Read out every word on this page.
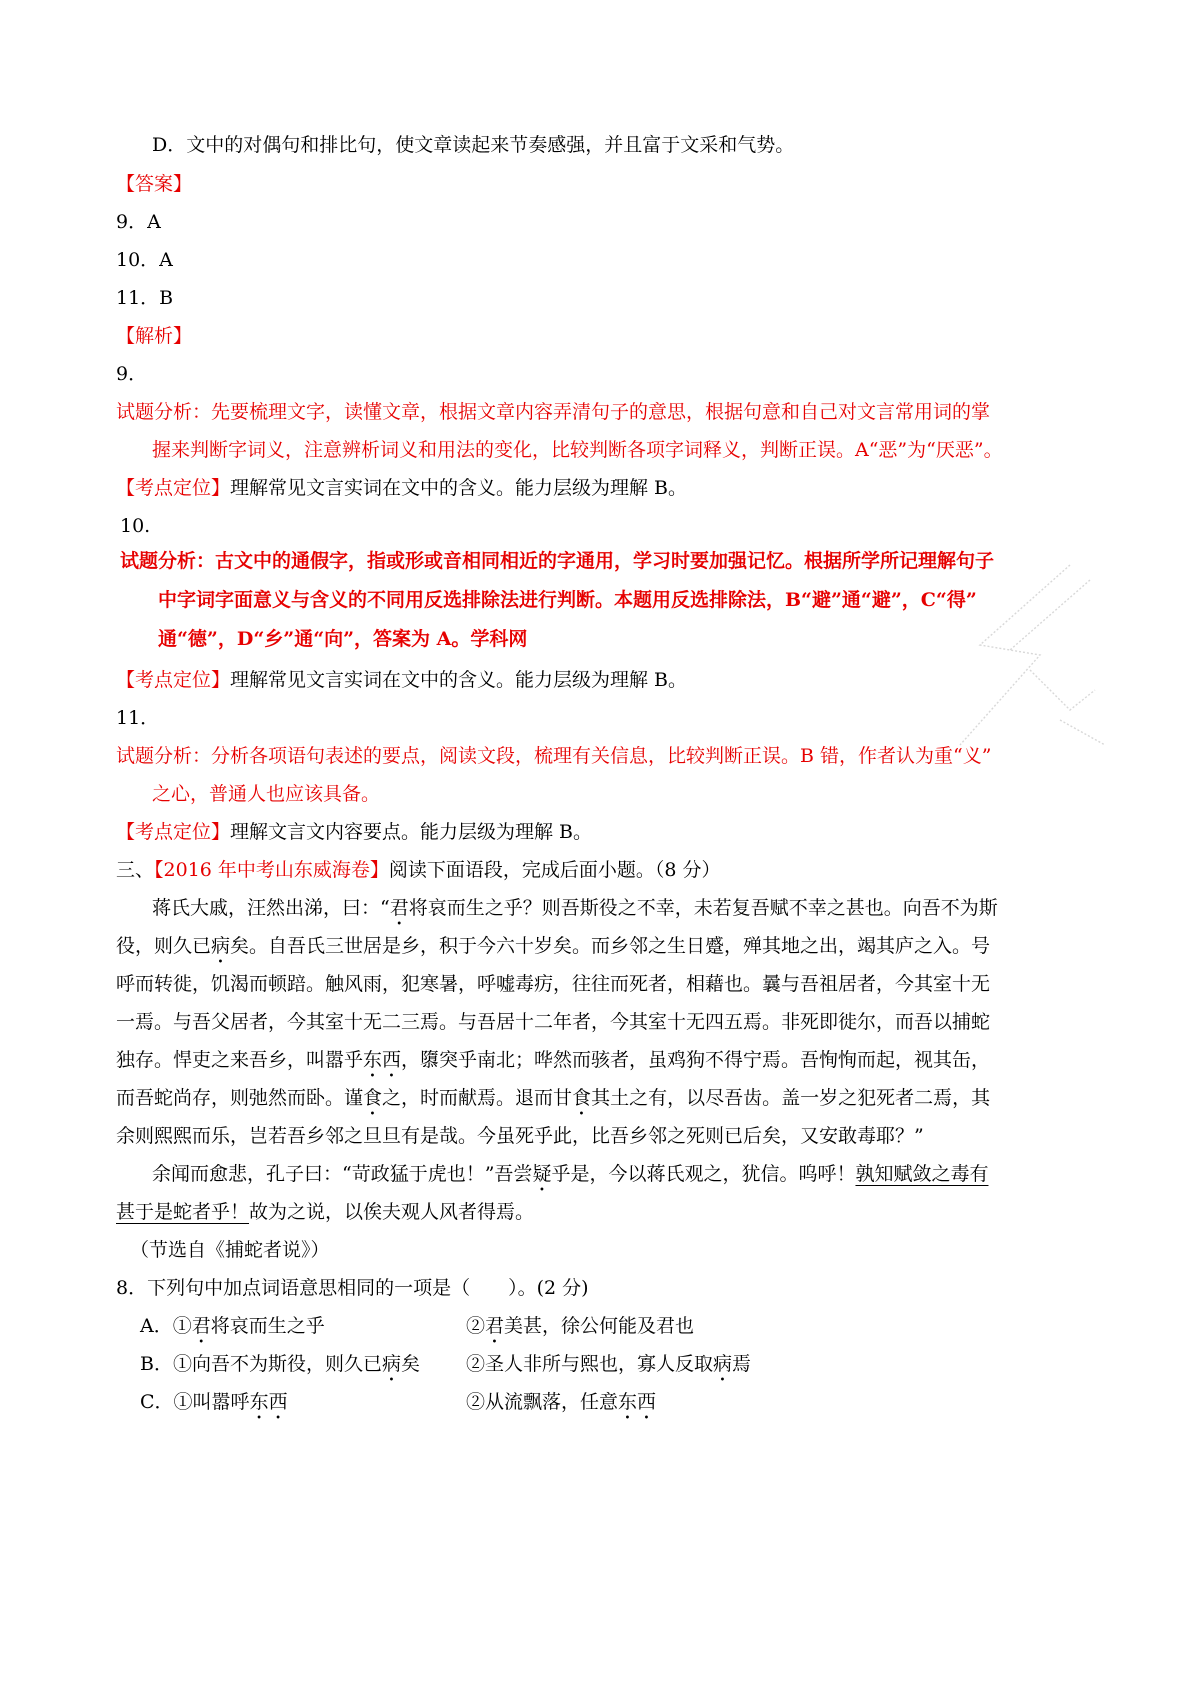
D．文中的对偶句和排比句，使文章读起来节奏感强，并且富于文采和气势。
【答案】
9．A
10．A
11．B
【解析】
9．
试题分析：先要梳理文字，读懂文章，根据文章内容弄清句子的意思，根据句意和自己对文言常用词的掌
握来判断字词义，注意辨析词义和用法的变化，比较判断各项字词释义，判断正误。A“恶”为“厌恶”。
【考点定位】理解常见文言实词在文中的含义。能力层级为理解 B。
10.
试题分析：古文中的通假字，指或形或音相同相近的字通用，学习时要加强记忆。根据所学所记理解句子
中字词字面意义与含义的不同用反选排除法进行判断。本题用反选排除法，B“避”通“避”，C“得”
通“德”，D“乡”通“向”，答案为 A。学科网
【考点定位】理解常见文言实词在文中的含义。能力层级为理解 B。
11．
试题分析：分析各项语句表述的要点，阅读文段，梳理有关信息，比较判断正误。B 错，作者认为重“义”
之心，普通人也应该具备。
【考点定位】理解文言文内容要点。能力层级为理解 B。
三、【2016 年中考山东威海卷】阅读下面语段，完成后面小题。（8 分）
蒋氏大戚，汪然出涕，曰：“君将哀而生之乎？则吾斯役之不幸，未若复吾赋不幸之甚也。向吾不为斯
役，则久已病矣。自吾氏三世居是乡，积于今六十岁矣。而乡邻之生日蹙，殚其地之出，竭其庐之入。号
呼而转徙，饥渴而顿踣。触风雨，犯寒暑，呼嘘毒疠，往往而死者，相藉也。曩与吾祖居者，今其室十无
一焉。与吾父居者，今其室十无二三焉。与吾居十二年者，今其室十无四五焉。非死即徙尔，而吾以捕蛇
独存。悍吏之来吾乡，叫嚣乎东西，隳突乎南北；哗然而骇者，虽鸡狗不得宁焉。吾恂恂而起，视其缶，
而吾蛇尚存，则弛然而卧。谨食之，时而献焉。退而甘食其土之有，以尽吾齿。盖一岁之犯死者二焉，其
余则熙熙而乐，岂若吾乡邻之旦旦有是哉。今虽死乎此，比吾乡邻之死则已后矣，又安敢毒耶？”
余闻而愈悲，孔子曰：“苛政猛于虎也！”吾尝疑乎是，今以蒋氏观之，犹信。呜呼！孰知赋敛之毒有
甚于是蛇者乎！故为之说，以俟夫观人风者得焉。
（节选自《捕蛇者说》）
8．下列句中加点词语意思相同的一项是（　　）。(2 分)
A．①君将哀而生之乎	②君美甚，徐公何能及君也
B．①向吾不为斯役，则久已病矣 ②圣人非所与熙也，寡人反取病焉
C．①叫嚣呼东西	②从流飘落，任意东西
